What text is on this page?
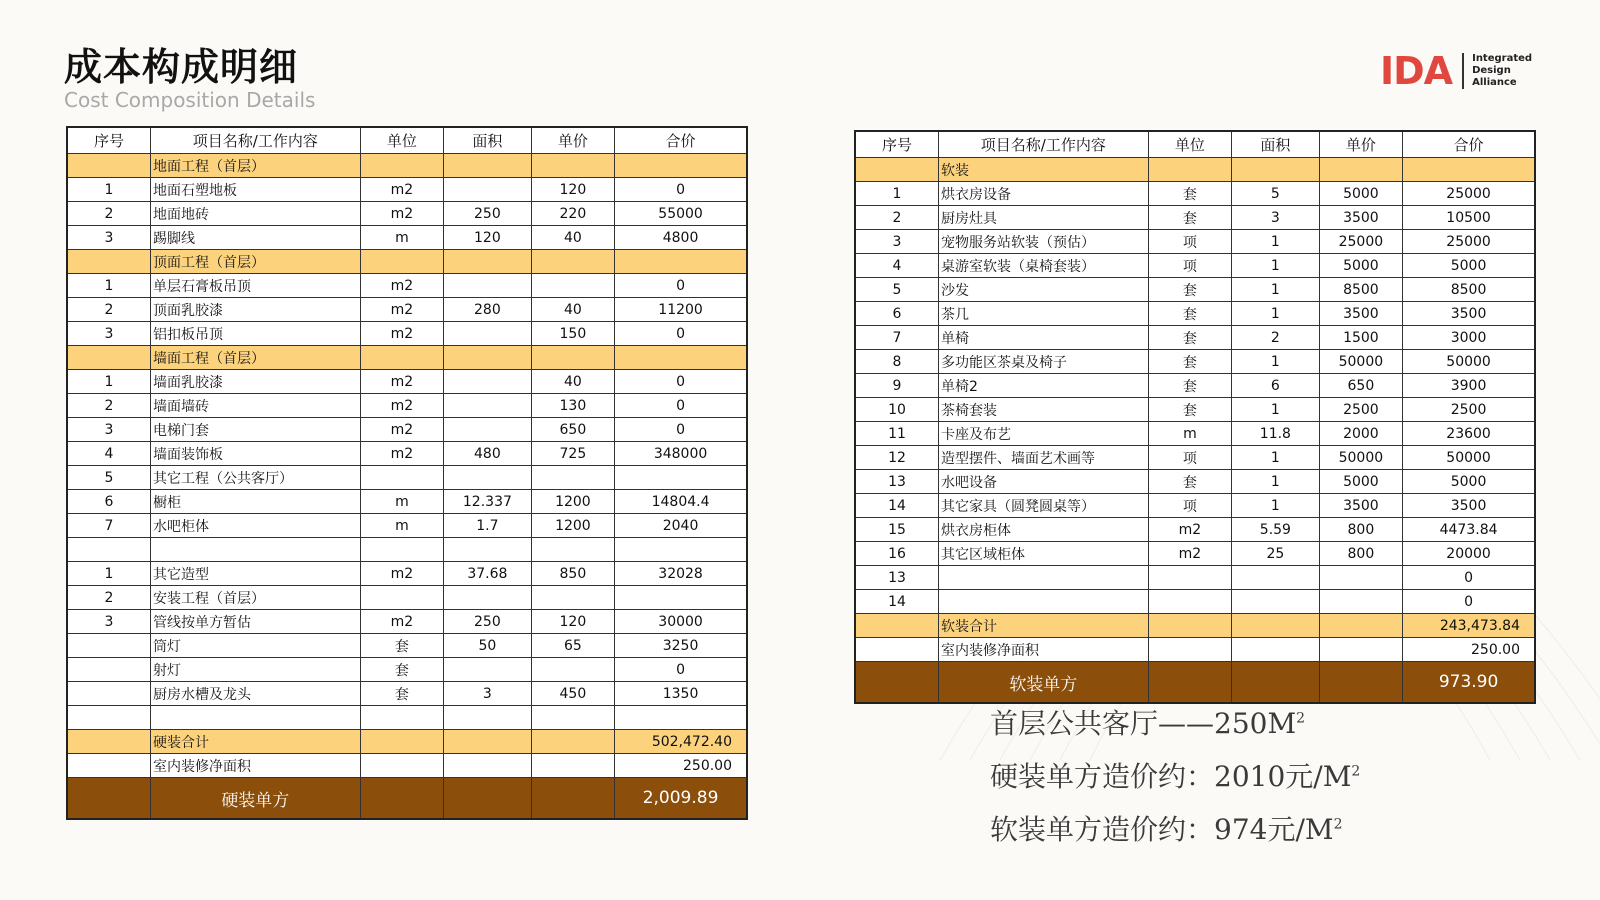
成本构成明细
Cost Composition Details
IDA Integrated
Design
Alliance
序号	项目名称/工作内容	单位	面积	单价	合价
	地面工程（首层）				
1	地面石塑地板	m2		120	0
2	地面地砖	m2	250	220	55000
3	踢脚线	m	120	40	4800
	顶面工程（首层）				
1	单层石膏板吊顶	m2			0
2	顶面乳胶漆	m2	280	40	11200
3	铝扣板吊顶	m2		150	0
	墙面工程（首层）				
1	墙面乳胶漆	m2		40	0
2	墙面墙砖	m2		130	0
3	电梯门套	m2		650	0
4	墙面装饰板	m2	480	725	348000
5	其它工程（公共客厅）				
6	橱柜	m	12.337	1200	14804.4
7	水吧柜体	m	1.7	1200	2040

1	其它造型	m2	37.68	850	32028
2	安装工程（首层）				
3	管线按单方暂估	m2	250	120	30000
	筒灯	套	50	65	3250
	射灯	套			0
	厨房水槽及龙头	套	3	450	1350

	硬装合计				502,472.40
	室内装修净面积				250.00
	硬装单方				2,009.89
序号	项目名称/工作内容	单位	面积	单价	合价
	软装				
1	烘衣房设备	套	5	5000	25000
2	厨房灶具	套	3	3500	10500
3	宠物服务站软装（预估）	项	1	25000	25000
4	桌游室软装（桌椅套装）	项	1	5000	5000
5	沙发	套	1	8500	8500
6	茶几	套	1	3500	3500
7	单椅	套	2	1500	3000
8	多功能区茶桌及椅子	套	1	50000	50000
9	单椅2	套	6	650	3900
10	茶椅套装	套	1	2500	2500
11	卡座及布艺	m	11.8	2000	23600
12	造型摆件、墙面艺术画等	项	1	50000	50000
13	水吧设备	套	1	5000	5000
14	其它家具（圆凳圆桌等）	项	1	3500	3500
15	烘衣房柜体	m2	5.59	800	4473.84
16	其它区域柜体	m2	25	800	20000
13					0
14					0
	软装合计				243,473.84
	室内装修净面积				250.00
	软装单方				973.90
首层公共客厅$——250M^2$
硬装单方造价约：2010元$/M^2$
软装单方造价约：974元$/M^2$
